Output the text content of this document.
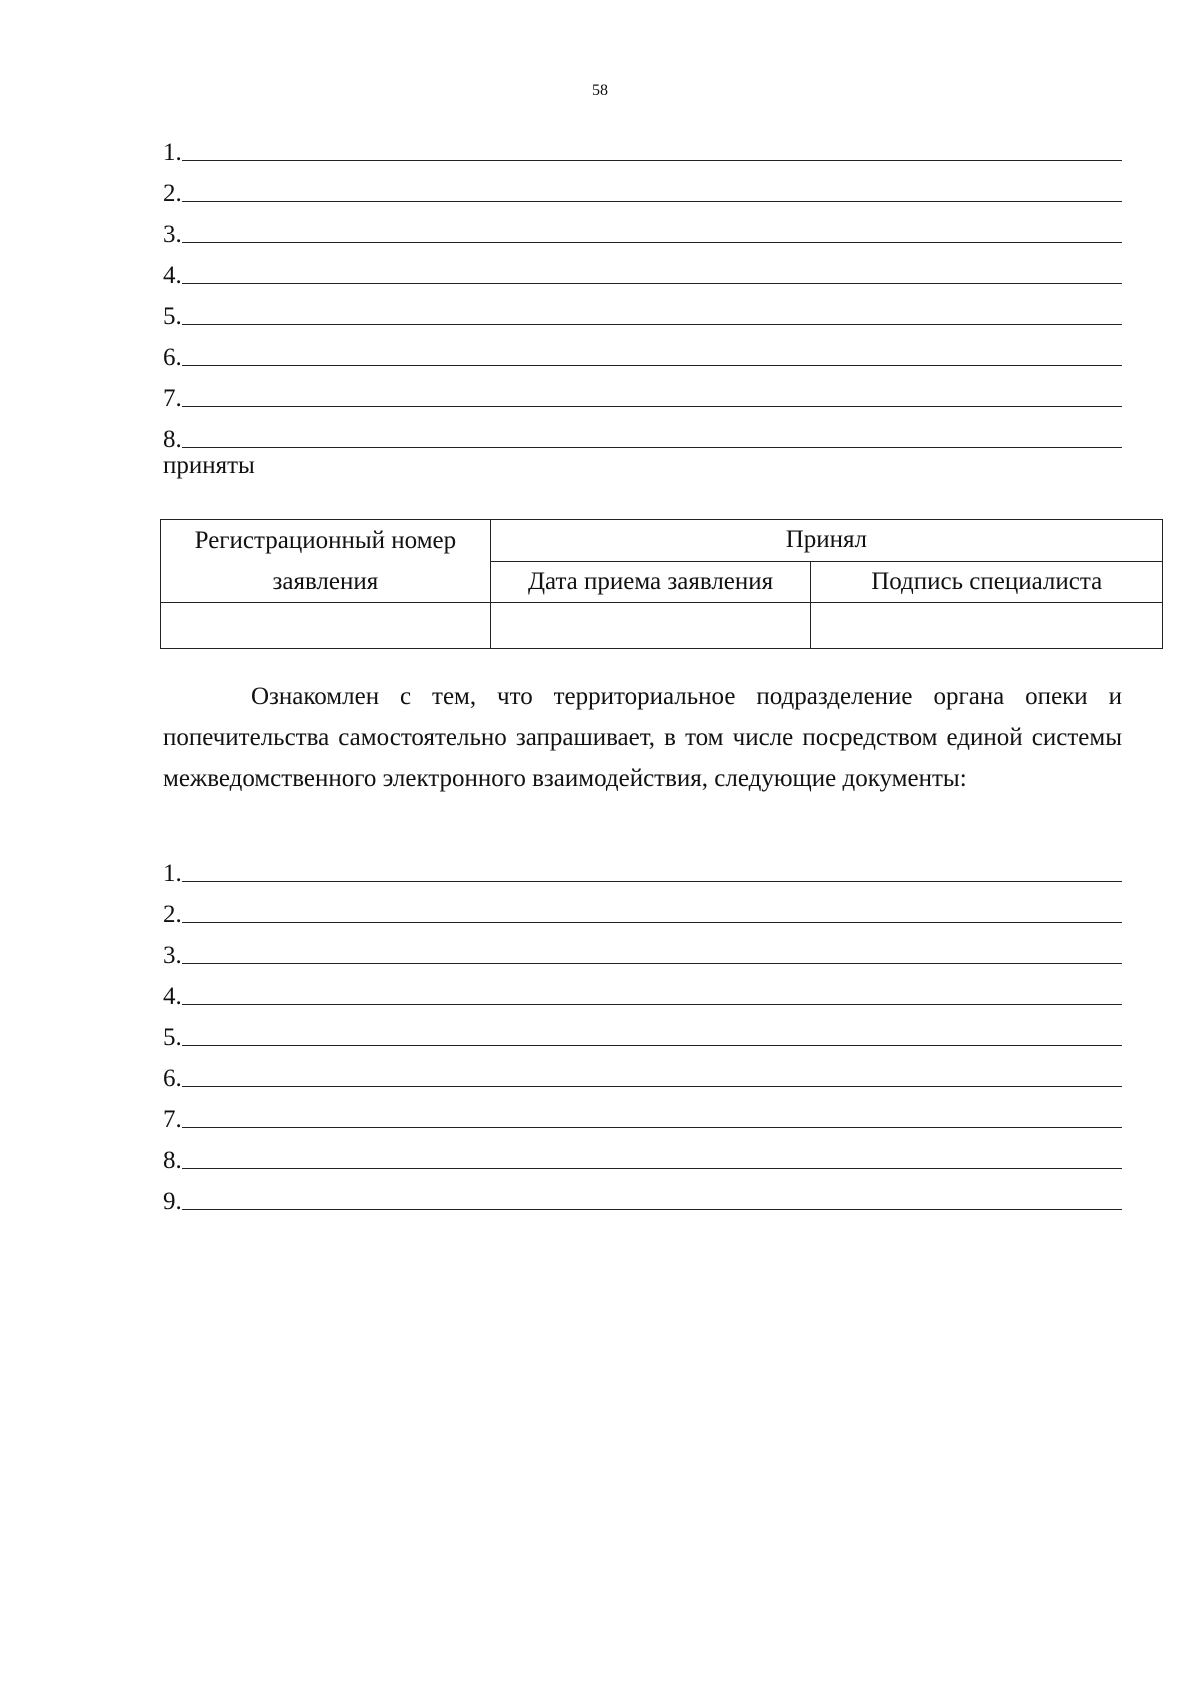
58
1.
2.
3.
4.
5.
6.
7.
8.
приняты
Регистрационный номер заявления	Принял	
	Дата приема заявления	Подпись специалиста

Ознакомлен с тем, что территориальное подразделение органа опеки и попечительства самостоятельно запрашивает, в том числе посредством единой системы межведомственного электронного взаимодействия, следующие документы:

1.
2.
3.
4.
5.
6.
7.
8.
9.
